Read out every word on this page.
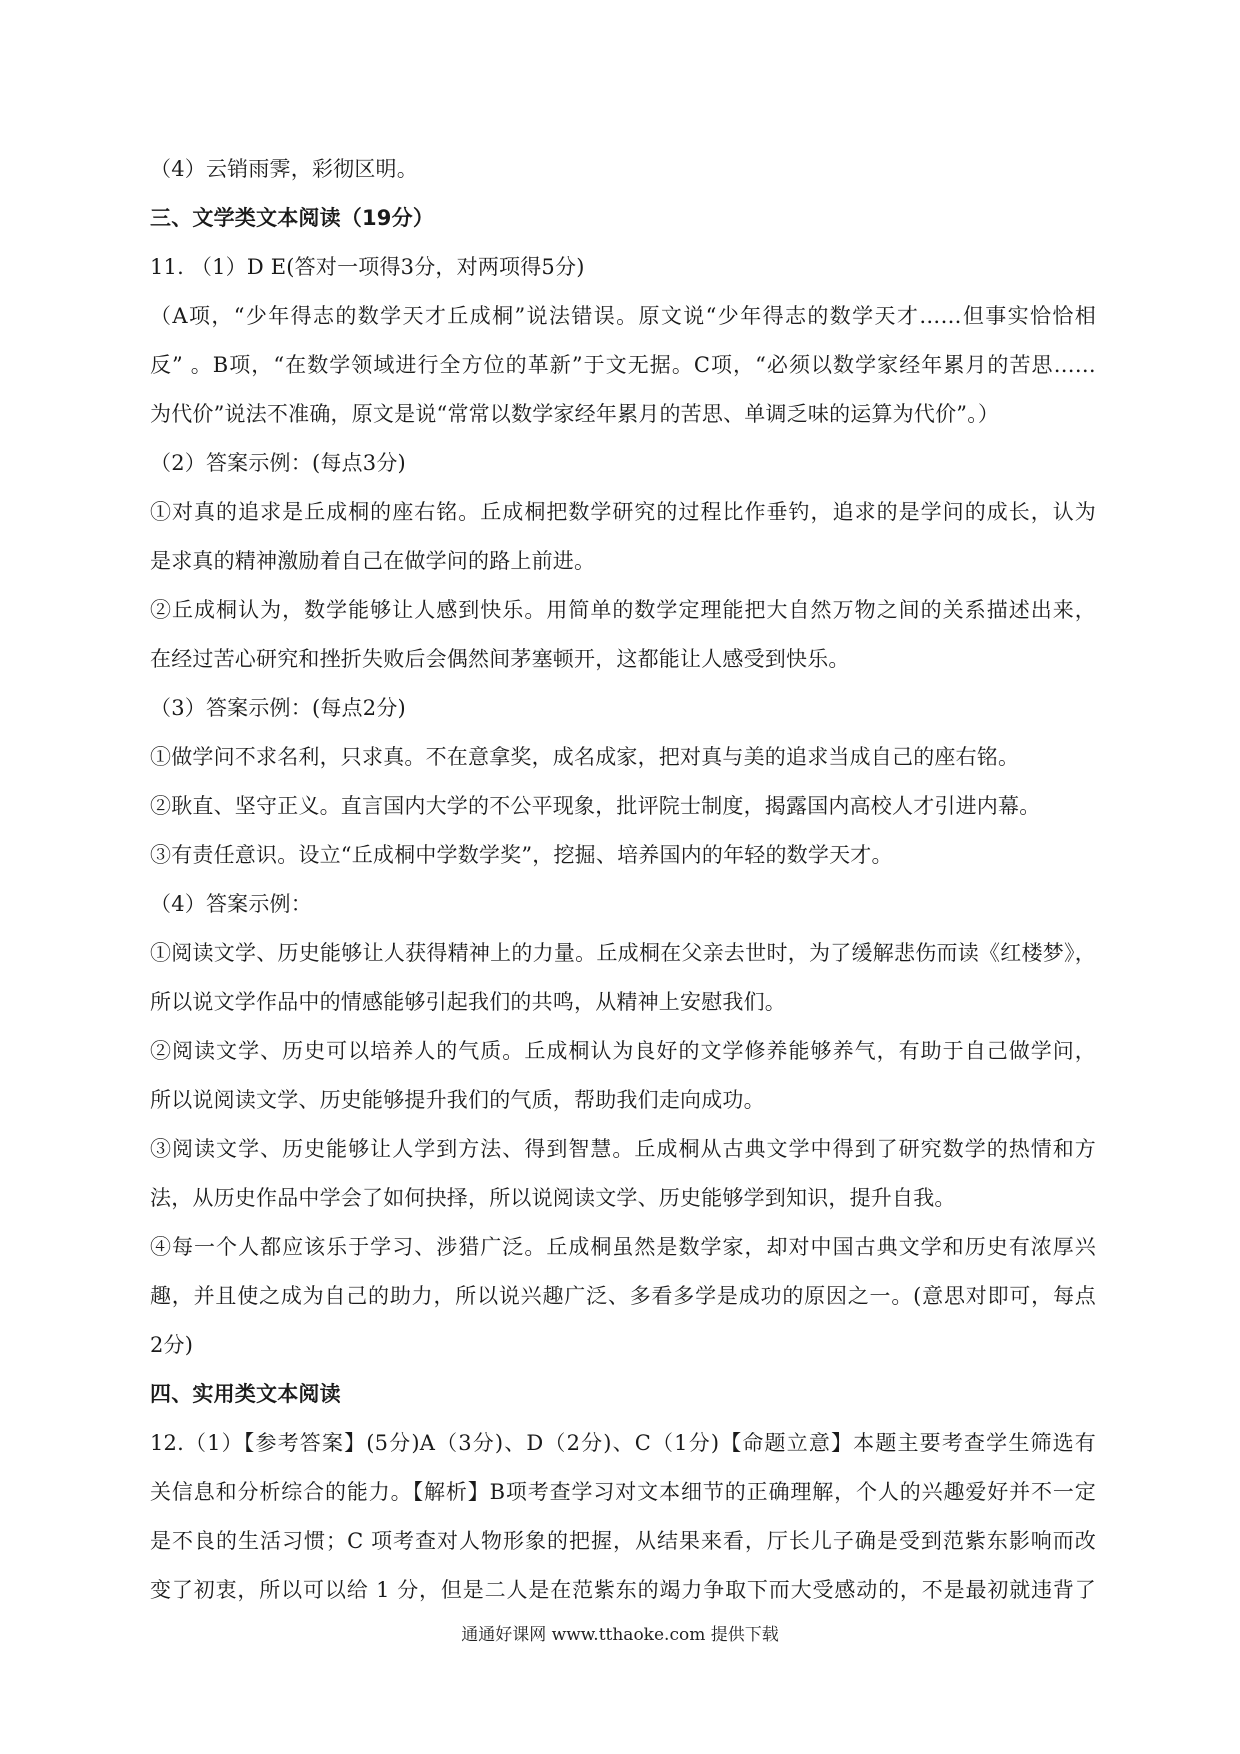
（4）云销雨霁，彩彻区明。
三、文学类文本阅读（19分）
11. （1）D E(答对一项得3分，对两项得5分)
（A项，“少年得志的数学天才丘成桐”说法错误。原文说“少年得志的数学天才……但事实恰恰相
反” 。B项，“在数学领域进行全方位的革新”于文无据。C项，“必须以数学家经年累月的苦思……
为代价”说法不准确，原文是说“常常以数学家经年累月的苦思、单调乏味的运算为代价”。）
（2）答案示例：(每点3分)
①对真的追求是丘成桐的座右铭。丘成桐把数学研究的过程比作垂钓，追求的是学问的成长，认为
是求真的精神激励着自己在做学问的路上前进。
②丘成桐认为，数学能够让人感到快乐。用简单的数学定理能把大自然万物之间的关系描述出来，
在经过苦心研究和挫折失败后会偶然间茅塞顿开，这都能让人感受到快乐。
（3）答案示例：(每点2分)
①做学问不求名利，只求真。不在意拿奖，成名成家，把对真与美的追求当成自己的座右铭。
②耿直、坚守正义。直言国内大学的不公平现象，批评院士制度，揭露国内高校人才引进内幕。
③有责任意识。设立“丘成桐中学数学奖”，挖掘、培养国内的年轻的数学天才。
（4）答案示例：
①阅读文学、历史能够让人获得精神上的力量。丘成桐在父亲去世时，为了缓解悲伤而读《红楼梦》，
所以说文学作品中的情感能够引起我们的共鸣，从精神上安慰我们。
②阅读文学、历史可以培养人的气质。丘成桐认为良好的文学修养能够养气，有助于自己做学问，
所以说阅读文学、历史能够提升我们的气质，帮助我们走向成功。
③阅读文学、历史能够让人学到方法、得到智慧。丘成桐从古典文学中得到了研究数学的热情和方
法，从历史作品中学会了如何抉择，所以说阅读文学、历史能够学到知识，提升自我。
④每一个人都应该乐于学习、涉猎广泛。丘成桐虽然是数学家，却对中国古典文学和历史有浓厚兴
趣，并且使之成为自己的助力，所以说兴趣广泛、多看多学是成功的原因之一。(意思对即可，每点
2分)
四、实用类文本阅读
12.（1）【参考答案】(5分)A（3分)、D（2分)、C（1分)【命题立意】本题主要考查学生筛选有
关信息和分析综合的能力。【解析】B项考查学习对文本细节的正确理解，个人的兴趣爱好并不一定
是不良的生活习惯；C 项考查对人物形象的把握，从结果来看，厅长儿子确是受到范紫东影响而改
变了初衷，所以可以给 1 分，但是二人是在范紫东的竭力争取下而大受感动的，不是最初就违背了
通通好课网 www.tthaoke.com 提供下载
